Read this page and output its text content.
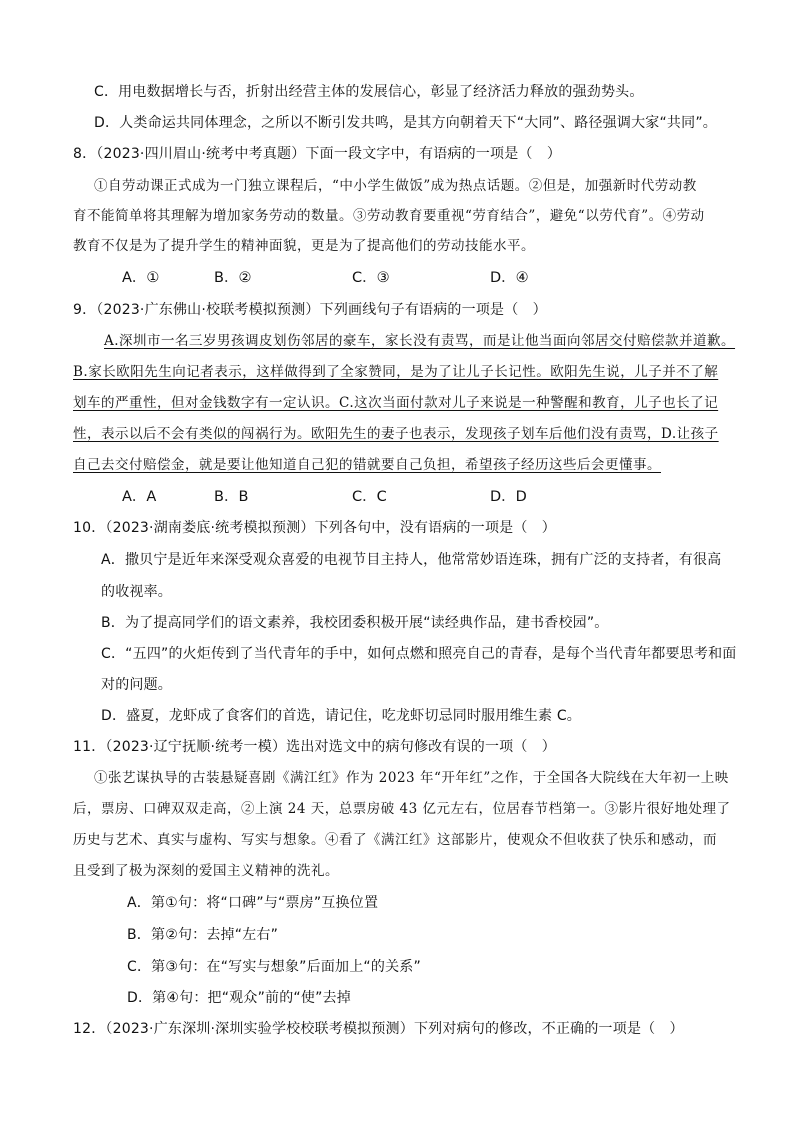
C．用电数据增长与否，折射出经营主体的发展信心，彰显了经济活力释放的强劲势头。
D．人类命运共同体理念，之所以不断引发共鸣，是其方向朝着天下“大同”、路径强调大家“共同”。
8．（2023·四川眉山·统考中考真题）下面一段文字中，有语病的一项是（　）
①自劳动课正式成为一门独立课程后，“中小学生做饭”成为热点话题。②但是，加强新时代劳动教
育不能简单将其理解为增加家务劳动的数量。③劳动教育要重视“劳育结合”，避免“以劳代育”。④劳动
教育不仅是为了提升学生的精神面貌，更是为了提高他们的劳动技能水平。
A．①	B．②	C．③	D．④
9．（2023·广东佛山·校联考模拟预测）下列画线句子有语病的一项是（　）
A.深圳市一名三岁男孩调皮划伤邻居的豪车，家长没有责骂，而是让他当面向邻居交付赔偿款并道歉。
B.家长欧阳先生向记者表示，这样做得到了全家赞同，是为了让儿子长记性。欧阳先生说，儿子并不了解
划车的严重性，但对金钱数字有一定认识。C.这次当面付款对儿子来说是一种警醒和教育，儿子也长了记
性，表示以后不会有类似的闯祸行为。欧阳先生的妻子也表示，发现孩子划车后他们没有责骂，D.让孩子
自己去交付赔偿金，就是要让他知道自己犯的错就要自己负担，希望孩子经历这些后会更懂事。
A．A	B．B	C．C	D．D
10．（2023·湖南娄底·统考模拟预测）下列各句中，没有语病的一项是（　）
A．撒贝宁是近年来深受观众喜爱的电视节目主持人，他常常妙语连珠，拥有广泛的支持者，有很高
的收视率。
B．为了提高同学们的语文素养，我校团委积极开展“读经典作品，建书香校园”。
C．“五四”的火炬传到了当代青年的手中，如何点燃和照亮自己的青春，是每个当代青年都要思考和面
对的问题。
D．盛夏，龙虾成了食客们的首选，请记住，吃龙虾切忌同时服用维生素 C。
11．（2023·辽宁抚顺·统考一模）选出对选文中的病句修改有误的一项（　）
①张艺谋执导的古装悬疑喜剧《满江红》作为 2023 年“开年红”之作，于全国各大院线在大年初一上映
后，票房、口碑双双走高，②上演 24 天，总票房破 43 亿元左右，位居春节档第一。③影片很好地处理了
历史与艺术、真实与虚构、写实与想象。④看了《满江红》这部影片，使观众不但收获了快乐和感动，而
且受到了极为深刻的爱国主义精神的洗礼。
A．第①句：将“口碑”与“票房”互换位置
B．第②句：去掉“左右”
C．第③句：在“写实与想象”后面加上“的关系”
D．第④句：把“观众”前的“使”去掉
12．（2023·广东深圳·深圳实验学校校联考模拟预测）下列对病句的修改，不正确的一项是（　）
